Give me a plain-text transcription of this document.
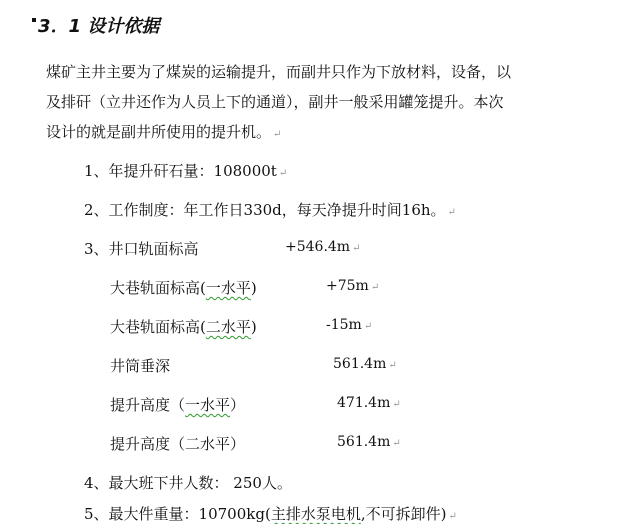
3．1 设计依据
煤矿主井主要为了煤炭的运输提升，而副井只作为下放材料，设备，以
及排矸（立井还作为人员上下的通道），副井一般采用罐笼提升。本次
设计的就是副井所使用的提升机。 ↵
1、年提升矸石量：108000t ↵
2、工作制度：年工作日330d，每天净提升时间16h。 ↵
3、井口轨面标高	+546.4m ↵
大巷轨面标高(一水平)	+75m ↵
大巷轨面标高(二水平)	-15m ↵
井筒垂深	561.4m ↵
提升高度（一水平）	471.4m ↵
提升高度（二水平）	561.4m ↵
4、最大班下井人数： 250人。
5、最大件重量：10700kg(主排水泵电机,不可拆卸件) ↵
